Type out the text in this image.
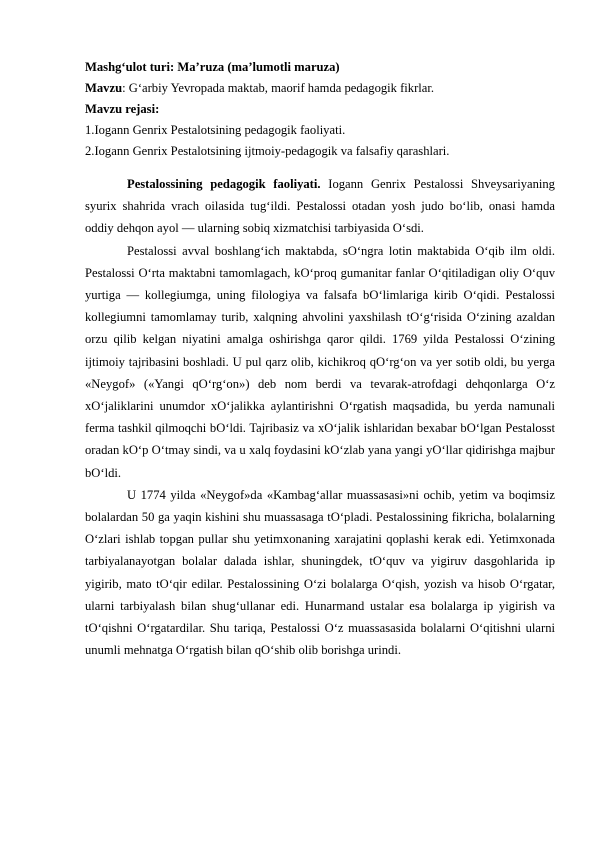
Mashg‘ulot turi: Ma’ruza (ma’lumotli maruza)

Mavzu: G‘arbiy Yevropada maktab, maorif hamda pedagogik fikrlar.

Mavzu rejasi:

1.Iogann Genrix Pestalotsining pedagogik faoliyati.

2.Iogann Genrix Pestalotsining ijtmoiy-pedagogik va falsafiy qarashlari.

Pestalossining pedagogik faoliyati. Iogann Genrix Pestalossi Shveysariyaning syurix shahrida vrach oilasida tug‘ildi. Pestalossi otadan yosh judo bo‘lib, onasi hamda oddiy dehqon ayol — ularning sobiq xizmatchisi tarbiyasida O‘sdi.

Pestalossi avval boshlang‘ich maktabda, sO‘ngra lotin maktabida O‘qib ilm oldi. Pestalossi O‘rta maktabni tamomlagach, kO‘proq gumanitar fanlar O‘qitiladigan oliy O‘quv yurtiga — kollegiumga, uning filologiya va falsafa bO‘limlariga kirib O‘qidi. Pestalossi kollegiumni tamomlamay turib, xalqning ahvolini yaxshilash tO‘g‘risida O‘zining azaldan orzu qilib kelgan niyatini amalga oshirishga qaror qildi. 1769 yilda Pestalossi O‘zining ijtimoiy tajribasini boshladi. U pul qarz olib, kichikroq qO‘rg‘on va yer sotib oldi, bu yerga «Neygof» («Yangi qO‘rg‘on») deb nom berdi va tevarak-atrofdagi dehqonlarga O‘z xO‘jaliklarini unumdor xO‘jalikka aylantirishni O‘rgatish maqsadida, bu yerda namunali ferma tashkil qilmoqchi bO‘ldi. Tajribasiz va xO‘jalik ishlaridan bexabar bO‘lgan Pestalosst oradan kO‘p O‘tmay sindi, va u xalq foydasini kO‘zlab yana yangi yO‘llar qidirishga majbur bO‘ldi.

U 1774 yilda «Neygof»da «Kambag‘allar muassasasi»ni ochib, yetim va boqimsiz bolalardan 50 ga yaqin kishini shu muassasaga tO‘pladi. Pestalossining fikricha, bolalarning O‘zlari ishlab topgan pullar shu yetimxonaning xarajatini qoplashi kerak edi. Yetimxonada tarbiyalanayotgan bolalar dalada ishlar, shuningdek, tO‘quv va yigiruv dasgohlarida ip yigirib, mato tO‘qir edilar. Pestalossining O‘zi bolalarga O‘qish, yozish va hisob O‘rgatar, ularni tarbiyalash bilan shug‘ullanar edi. Hunarmand ustalar esa bolalarga ip yigirish va tO‘qishni O‘rgatardilar. Shu tariqa, Pestalossi O‘z muassasasida bolalarni O‘qitishni ularni unumli mehnatga O‘rgatish bilan qO‘shib olib borishga urindi.
